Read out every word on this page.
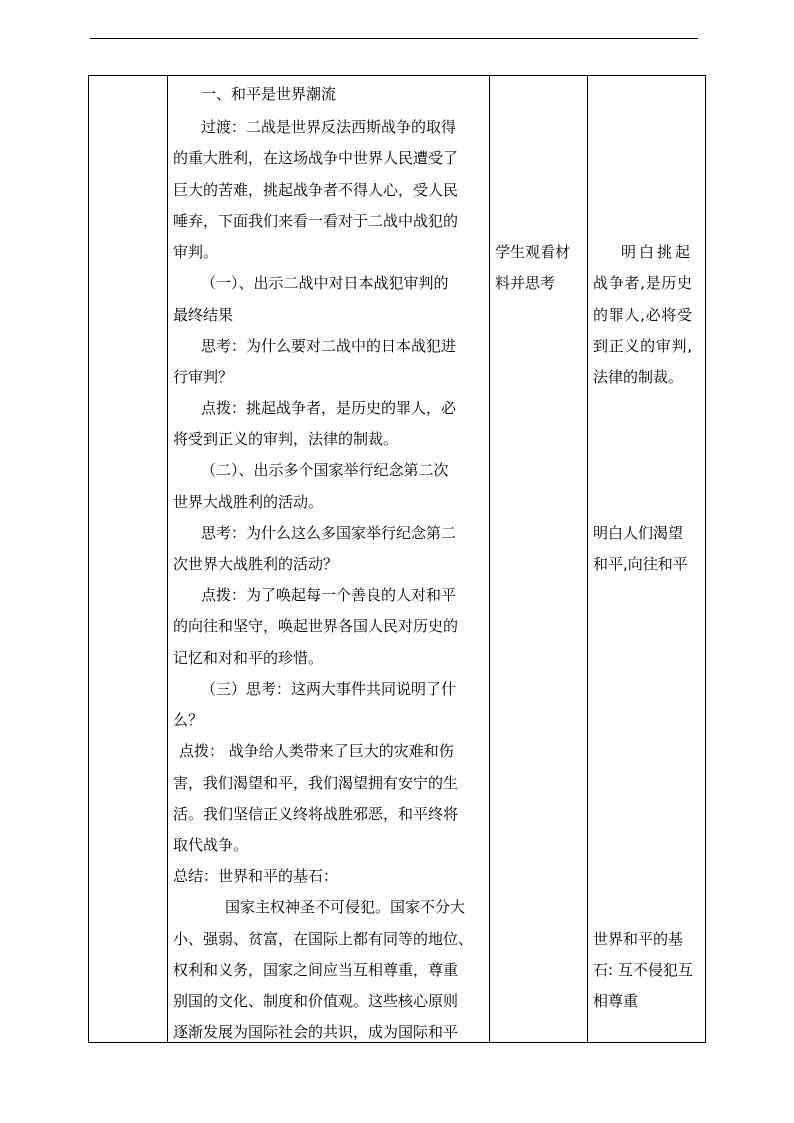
一、和平是世界潮流
过渡：二战是世界反法西斯战争的取得
的重大胜利，在这场战争中世界人民遭受了
巨大的苦难，挑起战争者不得人心，受人民
唾弃，下面我们来看一看对于二战中战犯的
审判。
（一）、出示二战中对日本战犯审判的
最终结果
思考：为什么要对二战中的日本战犯进
行审判？
点拨：挑起战争者，是历史的罪人，必
将受到正义的审判，法律的制裁。
（二）、出示多个国家举行纪念第二次
世界大战胜利的活动。
思考：为什么这么多国家举行纪念第二
次世界大战胜利的活动？
点拨：为了唤起每一个善良的人对和平
的向往和坚守，唤起世界各国人民对历史的
记忆和对和平的珍惜。
（三）思考：这两大事件共同说明了什
么？
点拨： 战争给人类带来了巨大的灾难和伤
害，我们渴望和平，我们渴望拥有安宁的生
活。我们坚信正义终将战胜邪恶，和平终将
取代战争。
总结：世界和平的基石：
国家主权神圣不可侵犯。国家不分大
小、强弱、贫富，在国际上都有同等的地位、
权利和义务，国家之间应当互相尊重，尊重
别国的文化、制度和价值观。这些核心原则
逐渐发展为国际社会的共识，成为国际和平
学生观看材
料并思考
明白挑起
战争者,是历史
的罪人,必将受
到正义的审判,
法律的制裁。
明白人们渴望
和平,向往和平
世界和平的基
石: 互不侵犯互
相尊重
